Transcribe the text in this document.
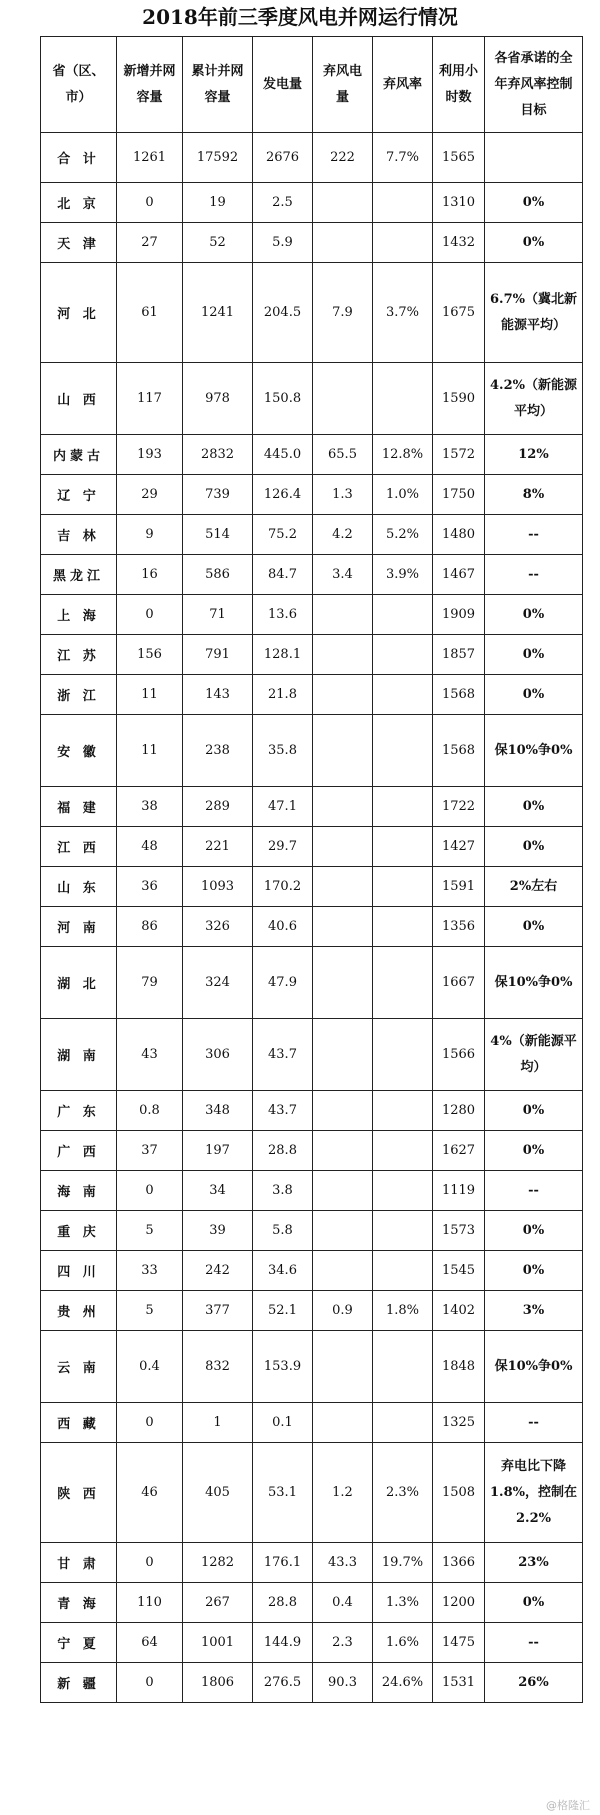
2018年前三季度风电并网运行情况
省（区、市）	新增并网容量	累计并网容量	发电量	弃风电量	弃风率	利用小时数	各省承诺的全年弃风率控制目标
合 计	1261	17592	2676	222	7.7%	1565	
北 京	0	19	2.5			1310	0%
天 津	27	52	5.9			1432	0%
河 北	61	1241	204.5	7.9	3.7%	1675	6.7%（冀北新能源平均）
山 西	117	978	150.8			1590	4.2%（新能源平均）
内蒙古	193	2832	445.0	65.5	12.8%	1572	12%
辽 宁	29	739	126.4	1.3	1.0%	1750	8%
吉 林	9	514	75.2	4.2	5.2%	1480	--
黑龙江	16	586	84.7	3.4	3.9%	1467	--
上 海	0	71	13.6			1909	0%
江 苏	156	791	128.1			1857	0%
浙 江	11	143	21.8			1568	0%
安 徽	11	238	35.8			1568	保10%争0%
福 建	38	289	47.1			1722	0%
江 西	48	221	29.7			1427	0%
山 东	36	1093	170.2			1591	2%左右
河 南	86	326	40.6			1356	0%
湖 北	79	324	47.9			1667	保10%争0%
湖 南	43	306	43.7			1566	4%（新能源平均）
广 东	0.8	348	43.7			1280	0%
广 西	37	197	28.8			1627	0%
海 南	0	34	3.8			1119	--
重 庆	5	39	5.8			1573	0%
四 川	33	242	34.6			1545	0%
贵 州	5	377	52.1	0.9	1.8%	1402	3%
云 南	0.4	832	153.9			1848	保10%争0%
西 藏	0	1	0.1			1325	--
陕 西	46	405	53.1	1.2	2.3%	1508	弃电比下降1.8%，控制在2.2%
甘 肃	0	1282	176.1	43.3	19.7%	1366	23%
青 海	110	267	28.8	0.4	1.3%	1200	0%
宁 夏	64	1001	144.9	2.3	1.6%	1475	--
新 疆	0	1806	276.5	90.3	24.6%	1531	26%
@格隆汇
